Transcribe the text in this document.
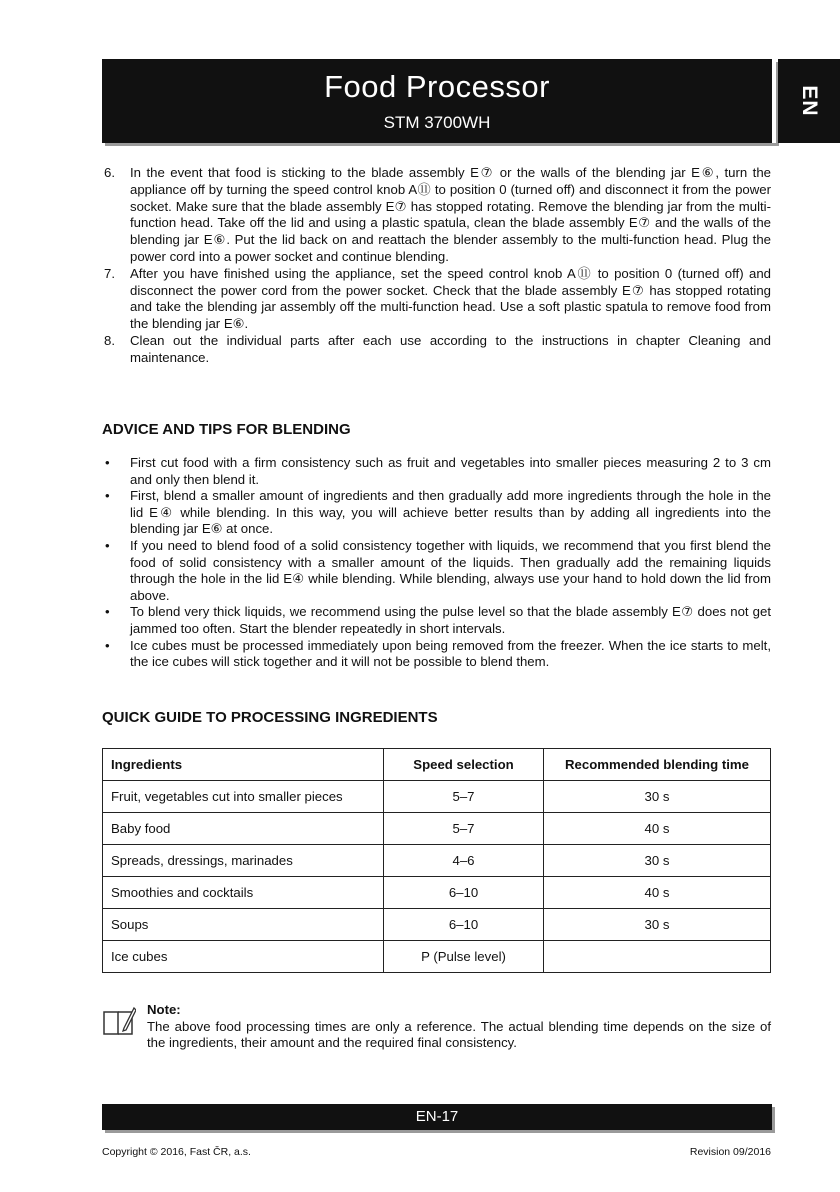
Food Processor
STM 3700WH
EN
6. In the event that food is sticking to the blade assembly E⑦ or the walls of the blending jar E⑥, turn the appliance off by turning the speed control knob A⑪ to position 0 (turned off) and disconnect it from the power socket. Make sure that the blade assembly E⑦ has stopped rotating. Remove the blending jar from the multi-function head. Take off the lid and using a plastic spatula, clean the blade assembly E⑦ and the walls of the blending jar E⑥. Put the lid back on and reattach the blender assembly to the multi-function head. Plug the power cord into a power socket and continue blending.
7. After you have finished using the appliance, set the speed control knob A⑪ to position 0 (turned off) and disconnect the power cord from the power socket. Check that the blade assembly E⑦ has stopped rotating and take the blending jar assembly off the multi-function head. Use a soft plastic spatula to remove food from the blending jar E⑥.
8. Clean out the individual parts after each use according to the instructions in chapter Cleaning and maintenance.
ADVICE AND TIPS FOR BLENDING
• First cut food with a firm consistency such as fruit and vegetables into smaller pieces measuring 2 to 3 cm and only then blend it.
• First, blend a smaller amount of ingredients and then gradually add more ingredients through the hole in the lid E④ while blending. In this way, you will achieve better results than by adding all ingredients into the blending jar E⑥ at once.
• If you need to blend food of a solid consistency together with liquids, we recommend that you first blend the food of solid consistency with a smaller amount of the liquids. Then gradually add the remaining liquids through the hole in the lid E④ while blending. While blending, always use your hand to hold down the lid from above.
• To blend very thick liquids, we recommend using the pulse level so that the blade assembly E⑦ does not get jammed too often. Start the blender repeatedly in short intervals.
• Ice cubes must be processed immediately upon being removed from the freezer. When the ice starts to melt, the ice cubes will stick together and it will not be possible to blend them.
QUICK GUIDE TO PROCESSING INGREDIENTS
Ingredients	Speed selection	Recommended blending time
Fruit, vegetables cut into smaller pieces	5–7	30 s
Baby food	5–7	40 s
Spreads, dressings, marinades	4–6	30 s
Smoothies and cocktails	6–10	40 s
Soups	6–10	30 s
Ice cubes	P (Pulse level)	
Note:
The above food processing times are only a reference. The actual blending time depends on the size of the ingredients, their amount and the required final consistency.
EN-17
Copyright © 2016, Fast ČR, a.s.	Revision 09/2016
